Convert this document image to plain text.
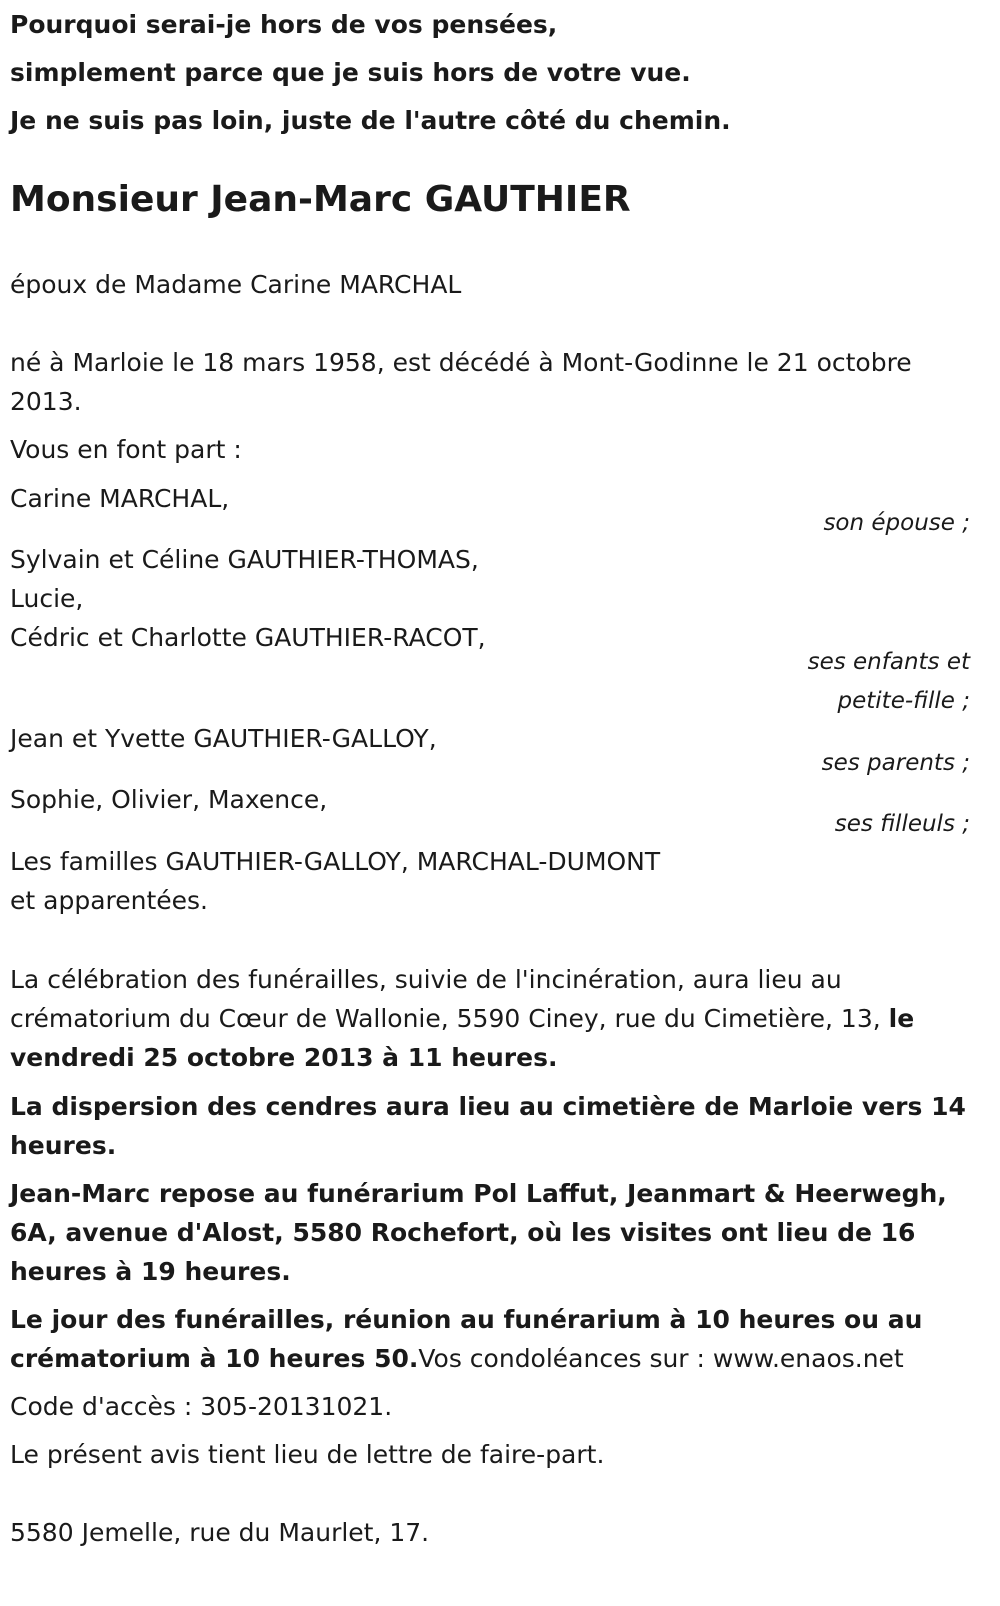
Pourquoi serai-je hors de vos pensées,
simplement parce que je suis hors de votre vue.
Je ne suis pas loin, juste de l'autre côté du chemin.
Monsieur Jean-Marc GAUTHIER
époux de Madame Carine MARCHAL
né à Marloie le 18 mars 1958, est décédé à Mont-Godinne le 21 octobre
2013.
Vous en font part :
Carine MARCHAL,
son épouse ;
Sylvain et Céline GAUTHIER-THOMAS,
Lucie,
Cédric et Charlotte GAUTHIER-RACOT,
ses enfants et
petite-fille ;
Jean et Yvette GAUTHIER-GALLOY,
ses parents ;
Sophie, Olivier, Maxence,
ses filleuls ;
Les familles GAUTHIER-GALLOY, MARCHAL-DUMONT
et apparentées.
La célébration des funérailles, suivie de l'incinération, aura lieu au crématorium du Cœur de Wallonie, 5590 Ciney, rue du Cimetière, 13, le vendredi 25 octobre 2013 à 11 heures.
La dispersion des cendres aura lieu au cimetière de Marloie vers 14 heures.
Jean-Marc repose au funérarium Pol Laffut, Jeanmart & Heerwegh, 6A, avenue d'Alost, 5580 Rochefort, où les visites ont lieu de 16 heures à 19 heures.
Le jour des funérailles, réunion au funérarium à 10 heures ou au crématorium à 10 heures 50.Vos condoléances sur : www.enaos.net
Code d'accès : 305-20131021.
Le présent avis tient lieu de lettre de faire-part.
5580 Jemelle, rue du Maurlet, 17.
